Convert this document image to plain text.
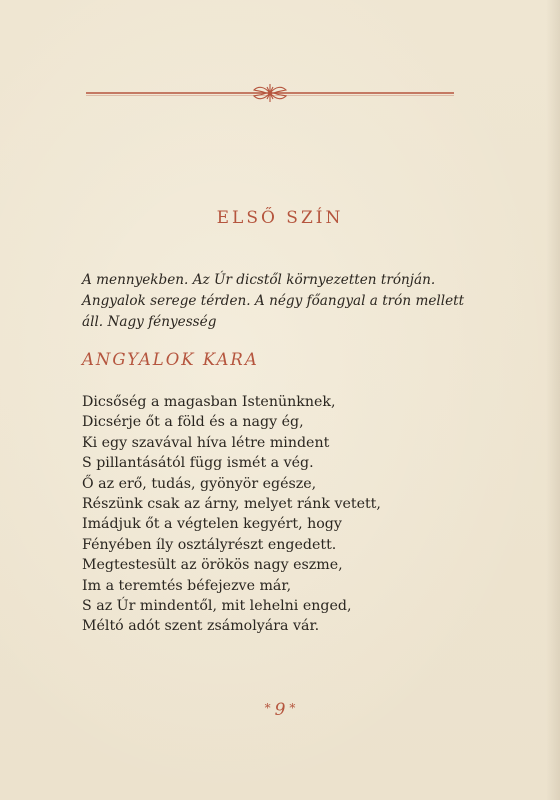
ELSŐ SZÍN
A mennyekben. Az Úr dicstől környezetten trónján.
Angyalok serege térden. A négy főangyal a trón mellett
áll. Nagy fényesség
ANGYALOK KARA
Dicsőség a magasban Istenünknek,
Dicsérje őt a föld és a nagy ég,
Ki egy szavával híva létre mindent
S pillantásától függ ismét a vég.
Ő az erő, tudás, gyönyör egésze,
Részünk csak az árny, melyet ránk vetett,
Imádjuk őt a végtelen kegyért, hogy
Fényében íly osztályrészt engedett.
Megtestesült az örökös nagy eszme,
Im a teremtés béfejezve már,
S az Úr mindentől, mit lehelni enged,
Méltó adót szent zsámolyára vár.
* 9 *
